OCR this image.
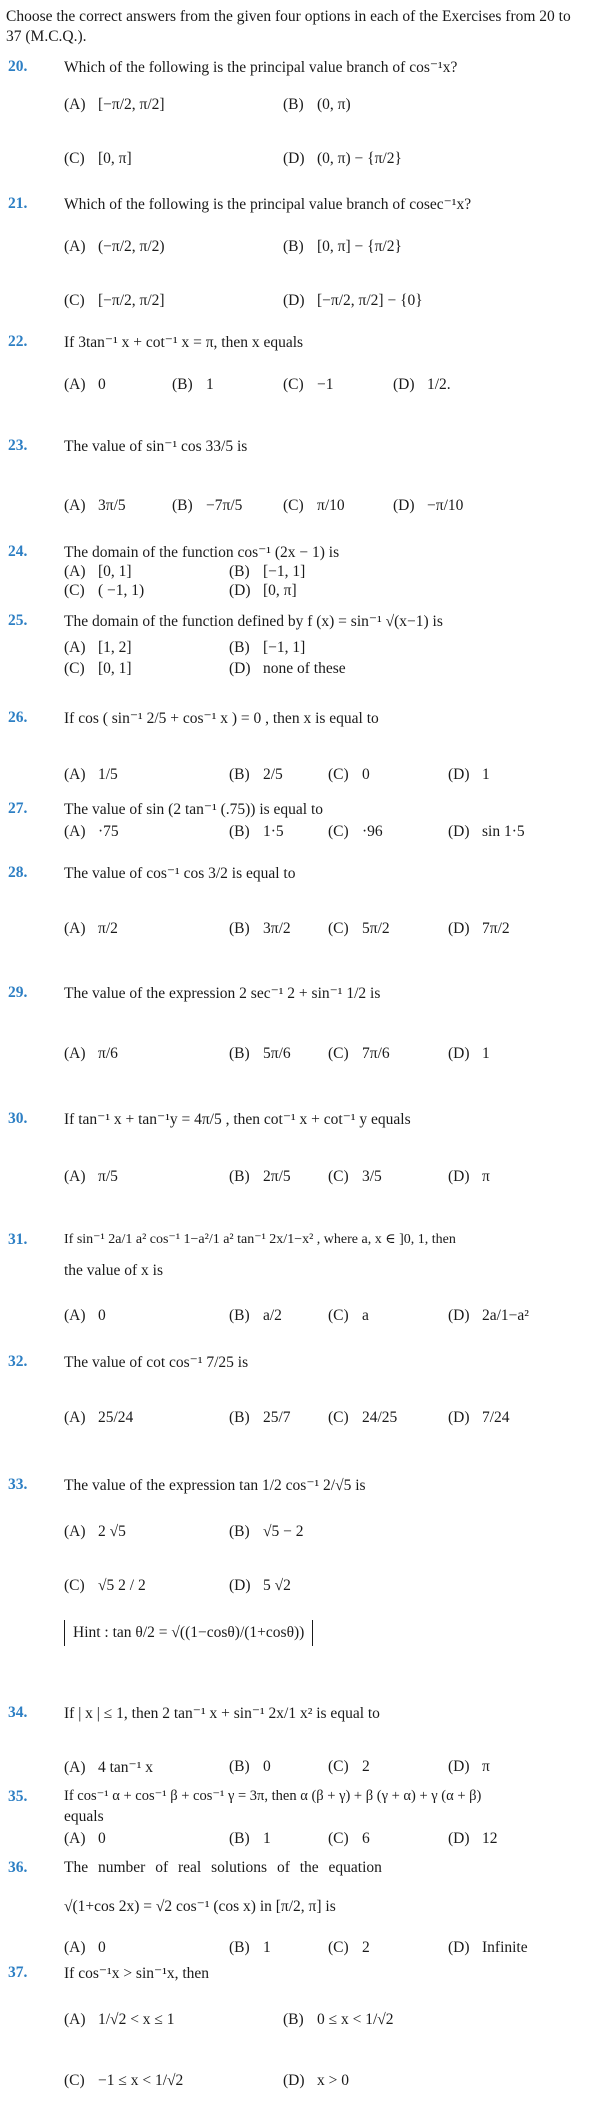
Choose the correct answers from the given four options in each of the Exercises from 20 to 37 (M.C.Q.).
20. Which of the following is the principal value branch of cos⁻¹x?
(A) [−π/2, π/2]	(B) (0, π)
(C) [0, π]	(D) (0, π) − {π/2}
21. Which of the following is the principal value branch of cosec⁻¹x?
(A) (−π/2, π/2)	(B) [0, π] − {π/2}
(C) [−π/2, π/2]	(D) [−π/2, π/2] − {0}
22. If 3tan⁻¹ x + cot⁻¹ x = π, then x equals
(A) 0	(B) 1	(C) −1	(D) 1/2.
23. The value of sin⁻¹ cos 33/5 is
(A) 3π/5	(B) −7π/5	(C) π/10	(D) −π/10
24. The domain of the function cos⁻¹ (2x − 1) is
(A) [0, 1]	(B) [−1, 1]
(C) ( −1, 1)	(D) [0, π]
25. The domain of the function defined by f (x) = sin⁻¹ √(x−1) is
(A) [1, 2]	(B) [−1, 1]
(C) [0, 1]	(D) none of these
26. If cos ( sin⁻¹ 2/5 + cos⁻¹ x ) = 0 , then x is equal to
(A) 1/5	(B) 2/5	(C) 0	(D) 1
27. The value of sin (2 tan⁻¹ (.75)) is equal to
(A) ·75	(B) 1·5	(C) ·96	(D) sin 1·5
28. The value of cos⁻¹ cos 3/2 is equal to
(A) π/2	(B) 3π/2 (C) 5π/2	(D) 7π/2
29. The value of the expression 2 sec⁻¹ 2 + sin⁻¹ 1/2 is
(A) π/6	(B) 5π/6 (C) 7π/6	(D) 1
30. If tan⁻¹ x + tan⁻¹y = 4π/5 , then cot⁻¹ x + cot⁻¹ y equals
(A) π/5	(B) 2π/5 (C) 3/5	(D) π
31.	If sin⁻¹ 2a/1 a² cos⁻¹ 1−a²/1 a² tan⁻¹ 2x/1−x² , where a, x ∈ ]0, 1, then
the value of x is
(A) 0	(B) a/2	(C) a	(D) 2a/1−a²
32. The value of cot cos⁻¹ 7/25 is
(A) 25/24	(B) 25/7 (C) 24/25	(D) 7/24
33. The value of the expression tan 1/2 cos⁻¹ 2/√5 is
(A) 2 √5	(B) √5 − 2
(C) √5 2 / 2	(D) 5 √2
Hint : tan θ/2 = √((1−cosθ)/(1+cosθ))
34. If | x | ≤ 1, then 2 tan⁻¹ x + sin⁻¹ 2x/1 x² is equal to
(A) 4 tan⁻¹ x	(B) 0	(C) 2	(D) π
35.	If cos⁻¹ α + cos⁻¹ β + cos⁻¹ γ = 3π, then α (β + γ) + β (γ + α) + γ (α + β)
equals
(A) 0	(B) 1	(C) 6	(D) 12
36. The number of real solutions of the equation
√(1+cos 2x) = √2 cos⁻¹ (cos x) in [π/2, π] is
(A) 0	(B) 1	(C) 2	(D) Infinite
37. If cos⁻¹x > sin⁻¹x, then
(A) 1/√2 < x ≤ 1	(B) 0 ≤ x < 1/√2
(C) −1 ≤ x < 1/√2	(D) x > 0
